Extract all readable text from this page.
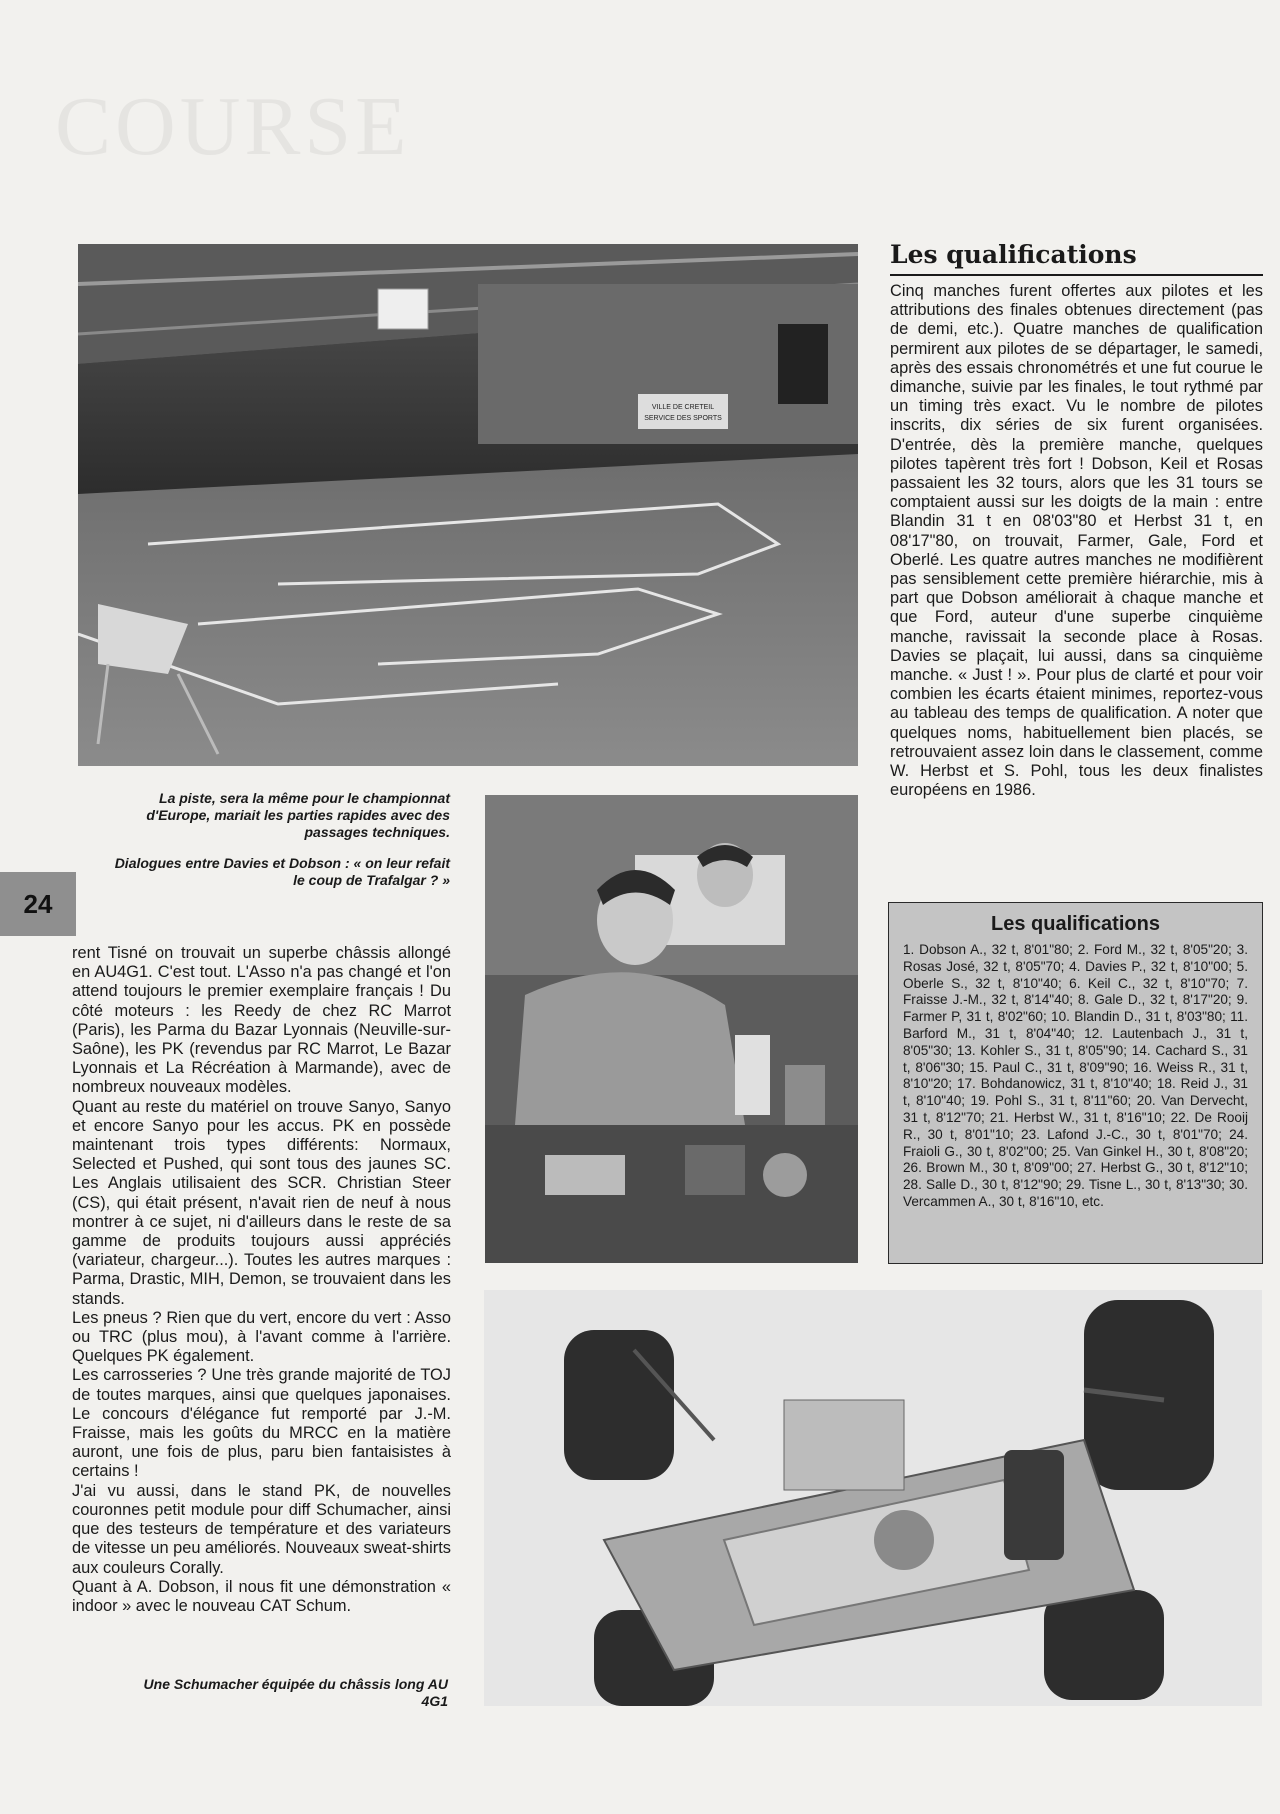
COURSE
24
VILLE DE CRETEIL
SERVICE DES SPORTS
La piste, sera la même pour le championnat d'Europe, mariait les parties rapides avec des passages techniques.
Dialogues entre Davies et Dobson : « on leur refait le coup de Trafalgar ? »
Les qualifications

Cinq manches furent offertes aux pilotes et les attributions des finales obtenues directement (pas de demi, etc.). Quatre manches de qualification permirent aux pilotes de se départager, le samedi, après des essais chronométrés et une fut courue le dimanche, suivie par les finales, le tout rythmé par un timing très exact. Vu le nombre de pilotes inscrits, dix séries de six furent organisées. D'entrée, dès la première manche, quelques pilotes tapèrent très fort ! Dobson, Keil et Rosas passaient les 32 tours, alors que les 31 tours se comptaient aussi sur les doigts de la main : entre Blandin 31 t en 08'03"80 et Herbst 31 t, en 08'17"80, on trouvait, Farmer, Gale, Ford et Oberlé. Les quatre autres manches ne modifièrent pas sensiblement cette première hiérarchie, mis à part que Dobson améliorait à chaque manche et que Ford, auteur d'une superbe cinquième manche, ravissait la seconde place à Rosas. Davies se plaçait, lui aussi, dans sa cinquième manche. « Just ! ». Pour plus de clarté et pour voir combien les écarts étaient minimes, reportez-vous au tableau des temps de qualification. A noter que quelques noms, habituellement bien placés, se retrouvaient assez loin dans le classement, comme W. Herbst et S. Pohl, tous les deux finalistes européens en 1986.

Les qualifications
1. Dobson A., 32 t, 8'01"80; 2. Ford M., 32 t, 8'05"20; 3. Rosas José, 32 t, 8'05"70; 4. Davies P., 32 t, 8'10"00; 5. Oberle S., 32 t, 8'10"40; 6. Keil C., 32 t, 8'10"70; 7. Fraisse J.-M., 32 t, 8'14"40; 8. Gale D., 32 t, 8'17"20; 9. Farmer P, 31 t, 8'02"60; 10. Blandin D., 31 t, 8'03"80; 11. Barford M., 31 t, 8'04"40; 12. Lautenbach J., 31 t, 8'05"30; 13. Kohler S., 31 t, 8'05"90; 14. Cachard S., 31 t, 8'06"30; 15. Paul C., 31 t, 8'09"90; 16. Weiss R., 31 t, 8'10"20; 17. Bohdanowicz, 31 t, 8'10"40; 18. Reid J., 31 t, 8'10"40; 19. Pohl S., 31 t, 8'11"60; 20. Van Dervecht, 31 t, 8'12"70; 21. Herbst W., 31 t, 8'16"10; 22. De Rooij R., 30 t, 8'01"10; 23. Lafond J.-C., 30 t, 8'01"70; 24. Fraioli G., 30 t, 8'02"00; 25. Van Ginkel H., 30 t, 8'08"20; 26. Brown M., 30 t, 8'09"00; 27. Herbst G., 30 t, 8'12"10; 28. Salle D., 30 t, 8'12"90; 29. Tisne L., 30 t, 8'13"30; 30. Vercammen A., 30 t, 8'16"10, etc.

rent Tisné on trouvait un superbe châssis allongé en AU4G1. C'est tout. L'Asso n'a pas changé et l'on attend toujours le premier exemplaire français ! Du côté moteurs : les Reedy de chez RC Marrot (Paris), les Parma du Bazar Lyonnais (Neuville-sur-Saône), les PK (revendus par RC Marrot, Le Bazar Lyonnais et La Récréation à Marmande), avec de nombreux nouveaux modèles.

Quant au reste du matériel on trouve Sanyo, Sanyo et encore Sanyo pour les accus. PK en possède maintenant trois types différents: Normaux, Selected et Pushed, qui sont tous des jaunes SC. Les Anglais utilisaient des SCR. Christian Steer (CS), qui était présent, n'avait rien de neuf à nous montrer à ce sujet, ni d'ailleurs dans le reste de sa gamme de produits toujours aussi appréciés (variateur, chargeur...). Toutes les autres marques : Parma, Drastic, MIH, Demon, se trouvaient dans les stands.

Les pneus ? Rien que du vert, encore du vert : Asso ou TRC (plus mou), à l'avant comme à l'arrière. Quelques PK également.

Les carrosseries ? Une très grande majorité de TOJ de toutes marques, ainsi que quelques japonaises. Le concours d'élégance fut remporté par J.-M. Fraisse, mais les goûts du MRCC en la matière auront, une fois de plus, paru bien fantaisistes à certains !

J'ai vu aussi, dans le stand PK, de nouvelles couronnes petit module pour diff Schumacher, ainsi que des testeurs de température et des variateurs de vitesse un peu améliorés. Nouveaux sweat-shirts aux couleurs Corally.

Quant à A. Dobson, il nous fit une démonstration « indoor » avec le nouveau CAT Schum.

Une Schumacher équipée du châssis long AU 4G1
